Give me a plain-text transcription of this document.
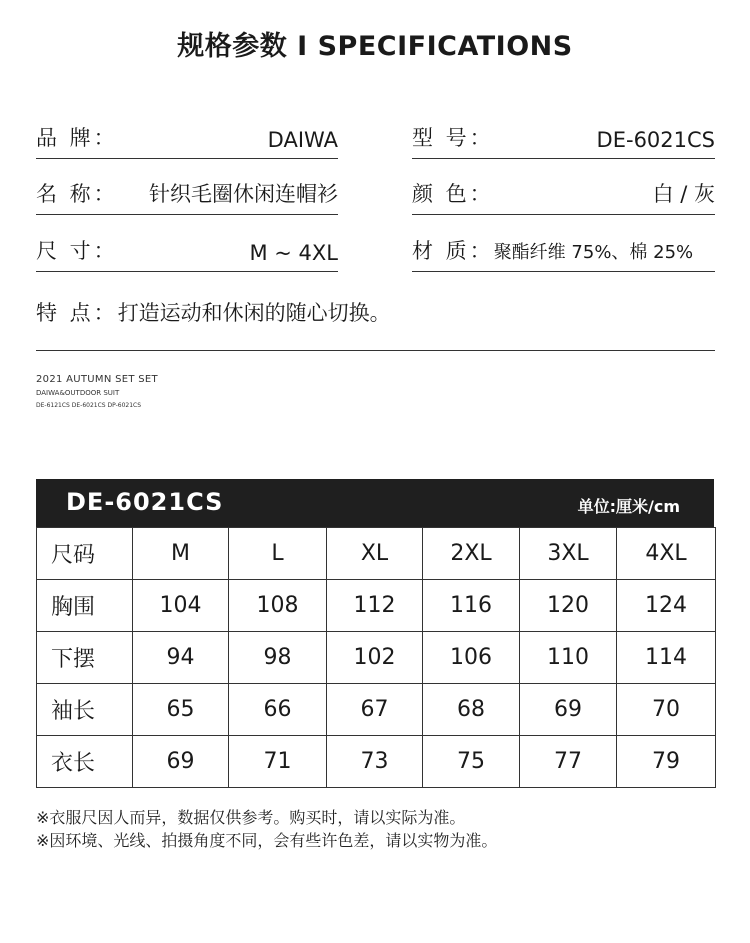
规格参数 I SPECIFICATIONS
品 牌：	DAIWA	型 号：	DE-6021CS
名 称： 针织毛圈休闲连帽衫	颜 色：	白 / 灰
尺 寸：	M ~ 4XL	材 质：聚酯纤维 75%、棉 25%
特 点：打造运动和休闲的随心切换。
2021 AUTUMN SET SET
DAIWA&OUTDOOR SUIT
DE-6121CS DE-6021CS DP-6021CS
DE-6021CS	单位:厘米/cm
尺码	M	L	XL	2XL	3XL	4XL
胸围	104	108	112	116	120	124
下摆	94	98	102	106	110	114
袖长	65	66	67	68	69	70
衣长	69	71	73	75	77	79
※衣服尺因人而异，数据仅供参考。购买时，请以实际为准。
※因环境、光线、拍摄角度不同，会有些许色差，请以实物为准。
